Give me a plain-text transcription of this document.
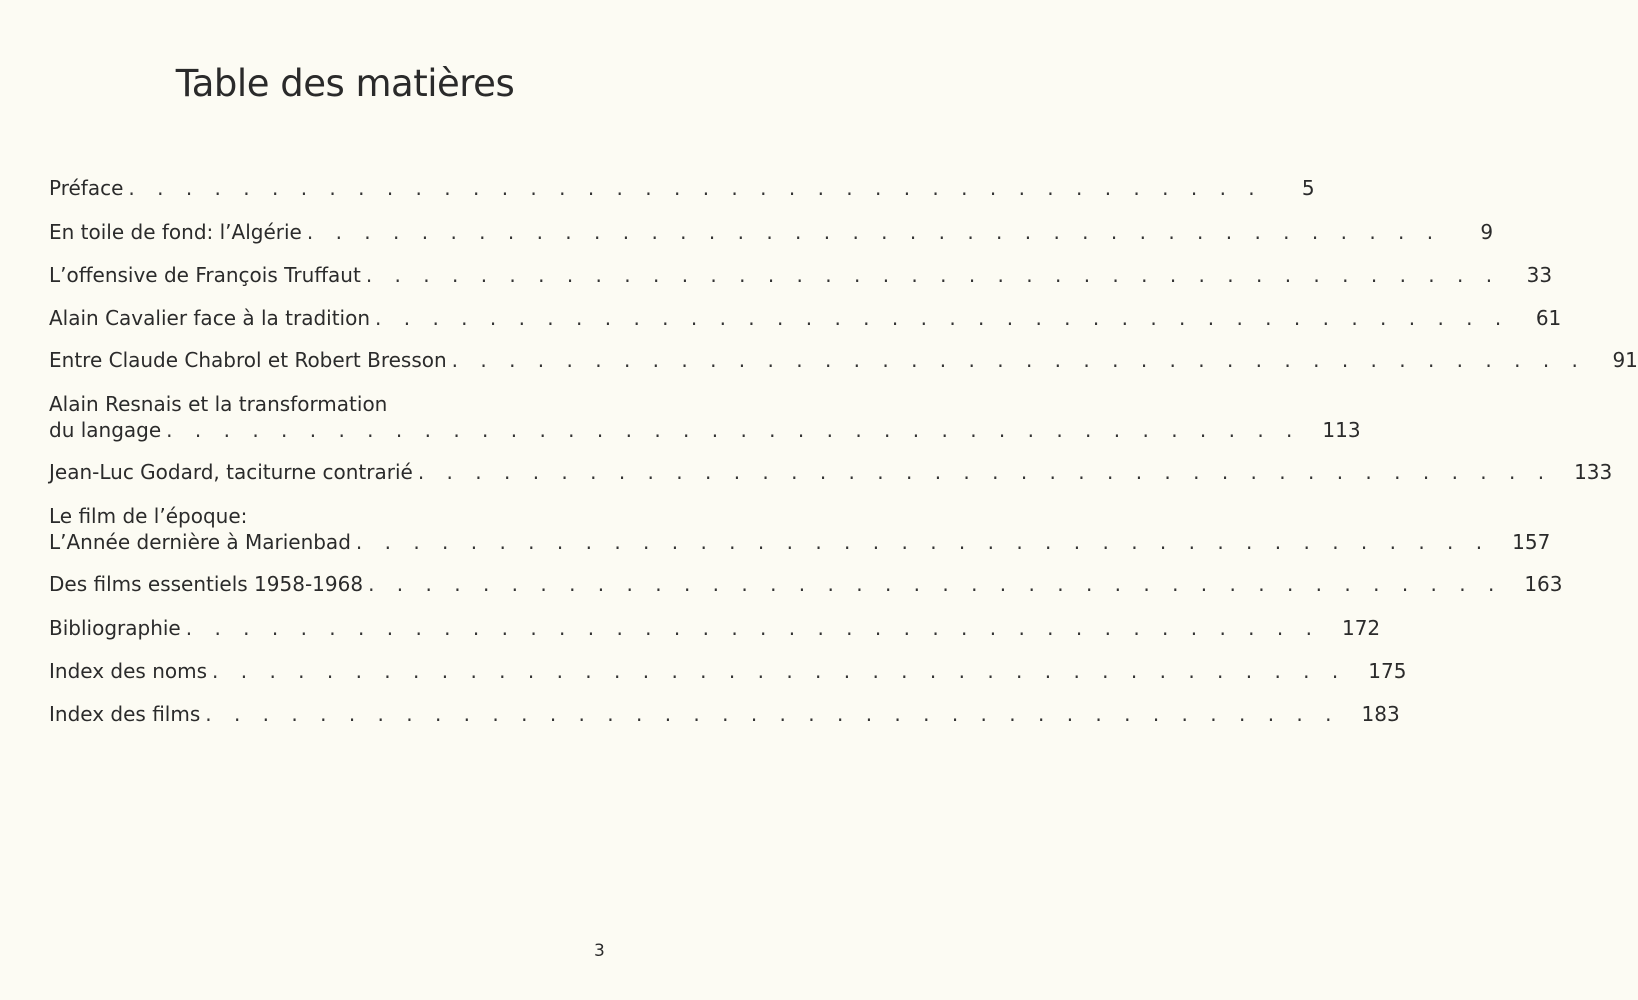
Table des matières
Préface . . . . . . . . . . . . . . . . . . . . . . . . . . . . . . . . . . . . . . . .	5
En toile de fond: l’Algérie . . . . . . . . . . . . . . . . . . . . . . . . . . . . . . . . . . . . . . . .	9
L’offensive de François Truffaut . . . . . . . . . . . . . . . . . . . . . . . . . . . . . . . . . . . . . . . . 33
Alain Cavalier face à la tradition . . . . . . . . . . . . . . . . . . . . . . . . . . . . . . . . . . . . . . . . 61
Entre Claude Chabrol et Robert Bresson . . . . . . . . . . . . . . . . . . . . . . . . . . . . . . . . . . . . . . . . 91
Alain Resnais et la transformation
du langage . . . . . . . . . . . . . . . . . . . . . . . . . . . . . . . . . . . . . . . . 113
Jean-Luc Godard, taciturne contrarié . . . . . . . . . . . . . . . . . . . . . . . . . . . . . . . . . . . . . . . . 133
Le film de l’époque:
L’Année dernière à Marienbad . . . . . . . . . . . . . . . . . . . . . . . . . . . . . . . . . . . . . . . . 157
Des films essentiels 1958-1968 . . . . . . . . . . . . . . . . . . . . . . . . . . . . . . . . . . . . . . . . 163
Bibliographie . . . . . . . . . . . . . . . . . . . . . . . . . . . . . . . . . . . . . . . . 172
Index des noms . . . . . . . . . . . . . . . . . . . . . . . . . . . . . . . . . . . . . . . . 175
Index des films . . . . . . . . . . . . . . . . . . . . . . . . . . . . . . . . . . . . . . . . 183
3
